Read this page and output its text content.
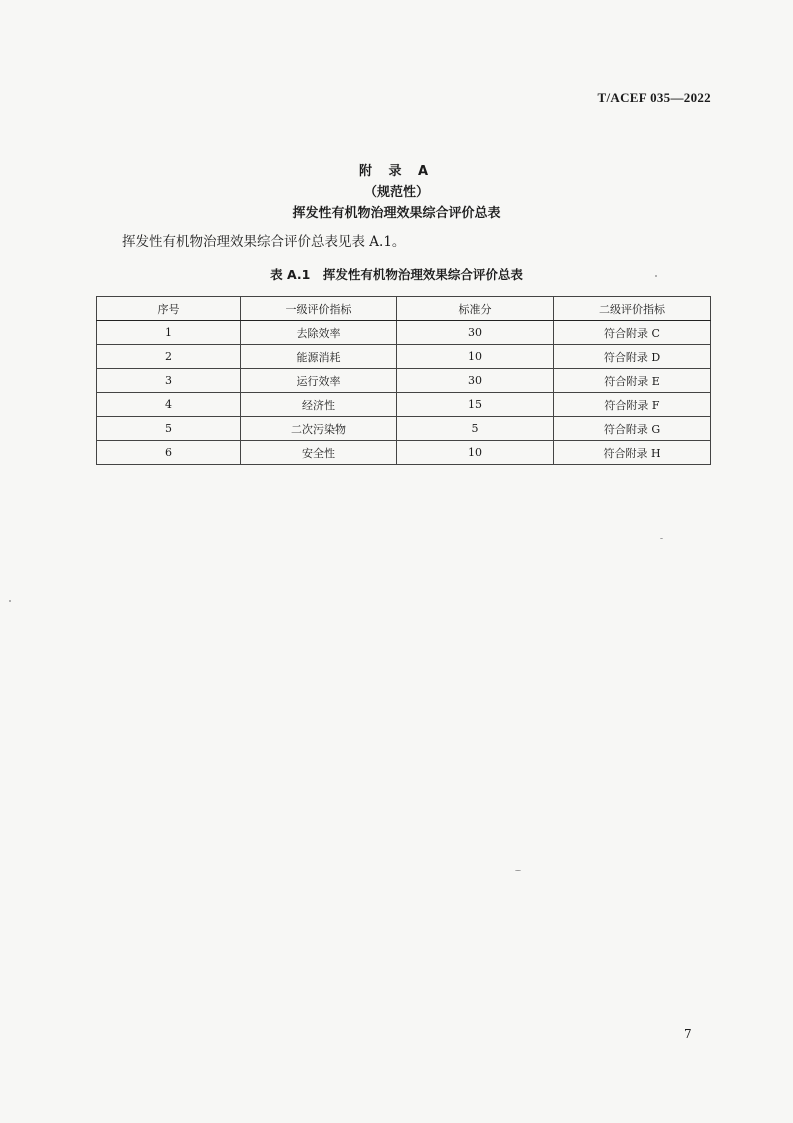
T/ACEF 035—2022

附 录 A

（规范性）

挥发性有机物治理效果综合评价总表

挥发性有机物治理效果综合评价总表见表 A.1。

表 A.1　挥发性有机物治理效果综合评价总表

序号	一级评价指标	标准分	二级评价指标
1	去除效率	30	符合附录 C
2	能源消耗	10	符合附录 D
3	运行效率	30	符合附录 E
4	经济性	15	符合附录 F
5	二次污染物	5	符合附录 G
6	安全性	10	符合附录 H

7
